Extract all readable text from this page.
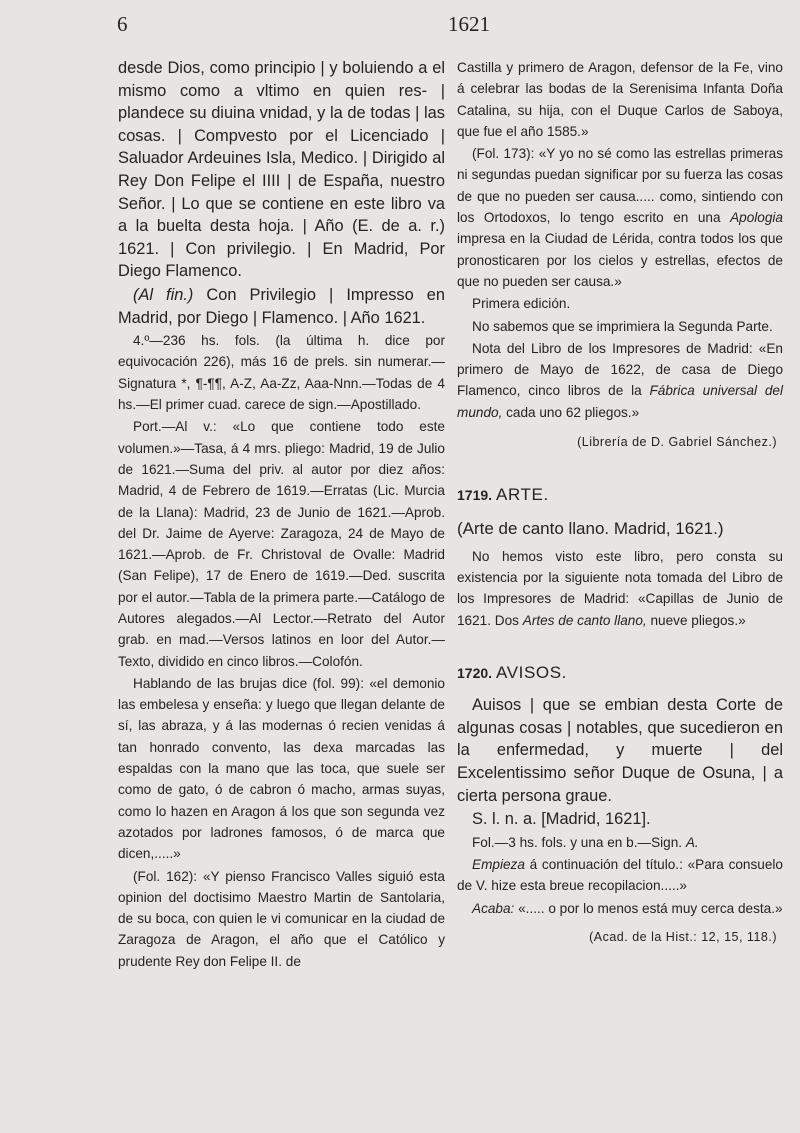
6	1621

desde Dios, como principio | y boluiendo a el mismo como a vltimo en quien res- | plandece su diuina vnidad, y la de todas | las cosas. | Compvesto por el Licenciado | Saluador Ardeuines Isla, Medico. | Dirigido al Rey Don Felipe el IIII | de España, nuestro Señor. | Lo que se contiene en este libro va a la buelta desta hoja. | Año (E. de a. r.) 1621. | Con privilegio. | En Madrid, Por Diego Flamenco.

(Al fin.) Con Privilegio | Impresso en Madrid, por Diego | Flamenco. | Año 1621.

4.º—236 hs. fols. (la última h. dice por equivocación 226), más 16 de prels. sin numerar.—Signatura *, ¶-¶¶, A-Z, Aa-Zz, Aaa-Nnn.—Todas de 4 hs.—El primer cuad. carece de sign.—Apostillado.

Port.—Al v.: «Lo que contiene todo este volumen.»—Tasa, á 4 mrs. pliego: Madrid, 19 de Julio de 1621.—Suma del priv. al autor por diez años: Madrid, 4 de Febrero de 1619.—Erratas (Lic. Murcia de la Llana): Madrid, 23 de Junio de 1621.—Aprob. del Dr. Jaime de Ayerve: Zaragoza, 24 de Mayo de 1621.—Aprob. de Fr. Christoval de Ovalle: Madrid (San Felipe), 17 de Enero de 1619.—Ded. suscrita por el autor.—Tabla de la primera parte.—Catálogo de Autores alegados.—Al Lector.—Retrato del Autor grab. en mad.—Versos latinos en loor del Autor.—Texto, dividido en cinco libros.—Colofón.

Hablando de las brujas dice (fol. 99): «el demonio las embelesa y enseña: y luego que llegan delante de sí, las abraza, y á las modernas ó recien venidas á tan honrado convento, las dexa marcadas las espaldas con la mano que las toca, que suele ser como de gato, ó de cabron ó macho, armas suyas, como lo hazen en Aragon á los que son segunda vez azotados por ladrones famosos, ó de marca que dicen,.....»

(Fol. 162): «Y pienso Francisco Valles siguió esta opinion del doctisimo Maestro Martin de Santolaria, de su boca, con quien le vi comunicar en la ciudad de Zaragoza de Aragon, el año que el Católico y prudente Rey don Felipe II. de

Castilla y primero de Aragon, defensor de la Fe, vino á celebrar las bodas de la Serenisima Infanta Doña Catalina, su hija, con el Duque Carlos de Saboya, que fue el año 1585.»

(Fol. 173): «Y yo no sé como las estrellas primeras ni segundas puedan significar por su fuerza las cosas de que no pueden ser causa..... como, sintiendo con los Ortodoxos, lo tengo escrito en una Apologia impresa en la Ciudad de Lérida, contra todos los que pronosticaren por los cielos y estrellas, efectos de que no pueden ser causa.»

Primera edición.

No sabemos que se imprimiera la Segunda Parte.

Nota del Libro de los Impresores de Madrid: «En primero de Mayo de 1622, de casa de Diego Flamenco, cinco libros de la Fábrica universal del mundo, cada uno 62 pliegos.»

(Librería de D. Gabriel Sánchez.)

1719. ARTE.

(Arte de canto llano. Madrid, 1621.)

No hemos visto este libro, pero consta su existencia por la siguiente nota tomada del Libro de los Impresores de Madrid: «Capillas de Junio de 1621. Dos Artes de canto llano, nueve pliegos.»

1720. AVISOS.

Auisos | que se embian desta Corte de algunas cosas | notables, que sucedieron en la enfermedad, y muerte | del Excelentissimo señor Duque de Osuna, | a cierta persona graue.

S. l. n. a. [Madrid, 1621].

Fol.—3 hs. fols. y una en b.—Sign. A.

Empieza á continuación del título.: «Para consuelo de V. hize esta breue recopilacion.....»

Acaba: «..... o por lo menos está muy cerca desta.»

(Acad. de la Hist.: 12, 15, 118.)
